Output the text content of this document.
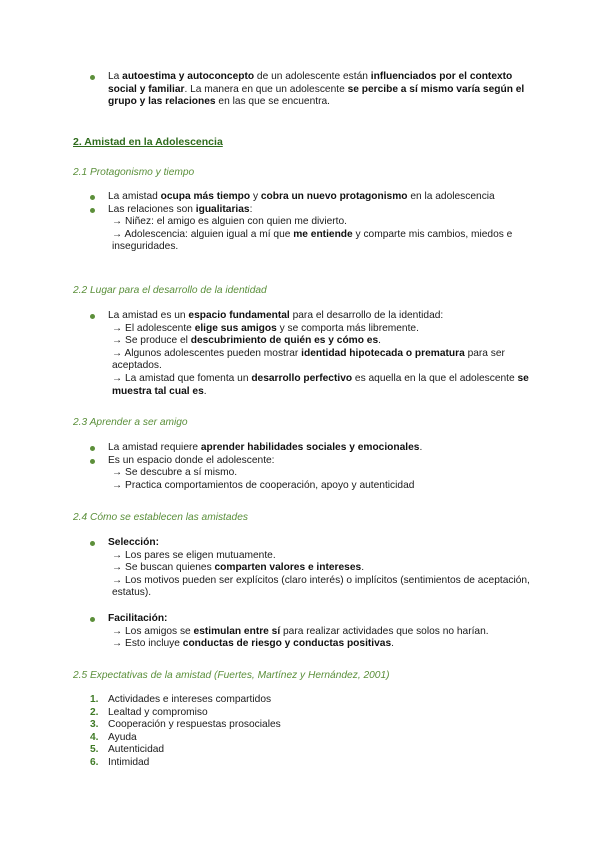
La autoestima y autoconcepto de un adolescente están influenciados por el contexto social y familiar. La manera en que un adolescente se percibe a sí mismo varía según el grupo y las relaciones en las que se encuentra.
2. Amistad en la Adolescencia
2.1 Protagonismo y tiempo
La amistad ocupa más tiempo y cobra un nuevo protagonismo en la adolescencia
Las relaciones son igualitarias:
→ Niñez: el amigo es alguien con quien me divierto.
→ Adolescencia: alguien igual a mí que me entiende y comparte mis cambios, miedos e inseguridades.
2.2 Lugar para el desarrollo de la identidad
La amistad es un espacio fundamental para el desarrollo de la identidad:
→ El adolescente elige sus amigos y se comporta más libremente.
→ Se produce el descubrimiento de quién es y cómo es.
→ Algunos adolescentes pueden mostrar identidad hipotecada o prematura para ser aceptados.
→ La amistad que fomenta un desarrollo perfectivo es aquella en la que el adolescente se muestra tal cual es.
2.3 Aprender a ser amigo
La amistad requiere aprender habilidades sociales y emocionales.
Es un espacio donde el adolescente:
→ Se descubre a sí mismo.
→ Practica comportamientos de cooperación, apoyo y autenticidad
2.4 Cómo se establecen las amistades
Selección:
→ Los pares se eligen mutuamente.
→ Se buscan quienes comparten valores e intereses.
→ Los motivos pueden ser explícitos (claro interés) o implícitos (sentimientos de aceptación, estatus).
Facilitación:
→ Los amigos se estimulan entre sí para realizar actividades que solos no harían.
→ Esto incluye conductas de riesgo y conductas positivas.
2.5 Expectativas de la amistad (Fuertes, Martínez y Hernández, 2001)
1. Actividades e intereses compartidos
2. Lealtad y compromiso
3. Cooperación y respuestas prosociales
4. Ayuda
5. Autenticidad
6. Intimidad
